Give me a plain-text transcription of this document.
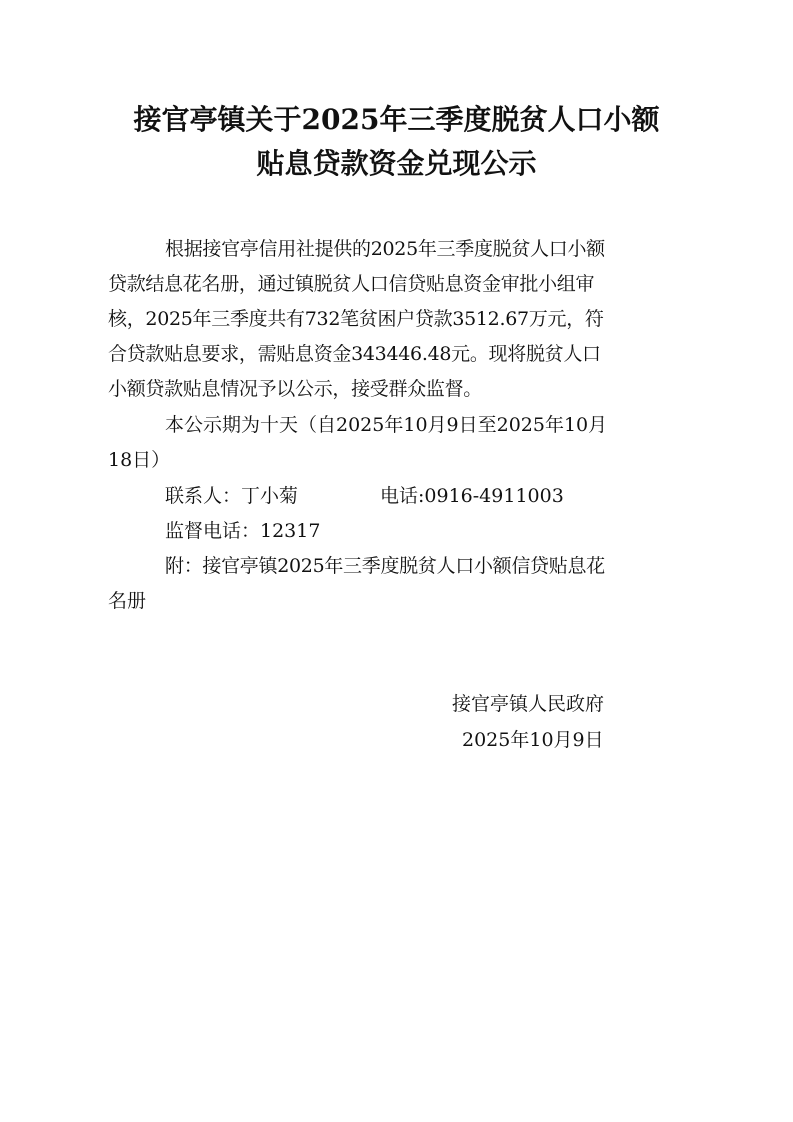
接官亭镇关于2025年三季度脱贫人口小额
贴息贷款资金兑现公示

根据接官亭信用社提供的2025年三季度脱贫人口小额

贷款结息花名册，通过镇脱贫人口信贷贴息资金审批小组审

核，2025年三季度共有732笔贫困户贷款3512.67万元，符

合贷款贴息要求，需贴息资金343446.48元。现将脱贫人口

小额贷款贴息情况予以公示，接受群众监督。

本公示期为十天（自2025年10月9日至2025年10月

18日）

联系人：丁小菊	电话:0916-4911003

监督电话：12317

附：接官亭镇2025年三季度脱贫人口小额信贷贴息花

名册

接官亭镇人民政府

2025年10月9日
